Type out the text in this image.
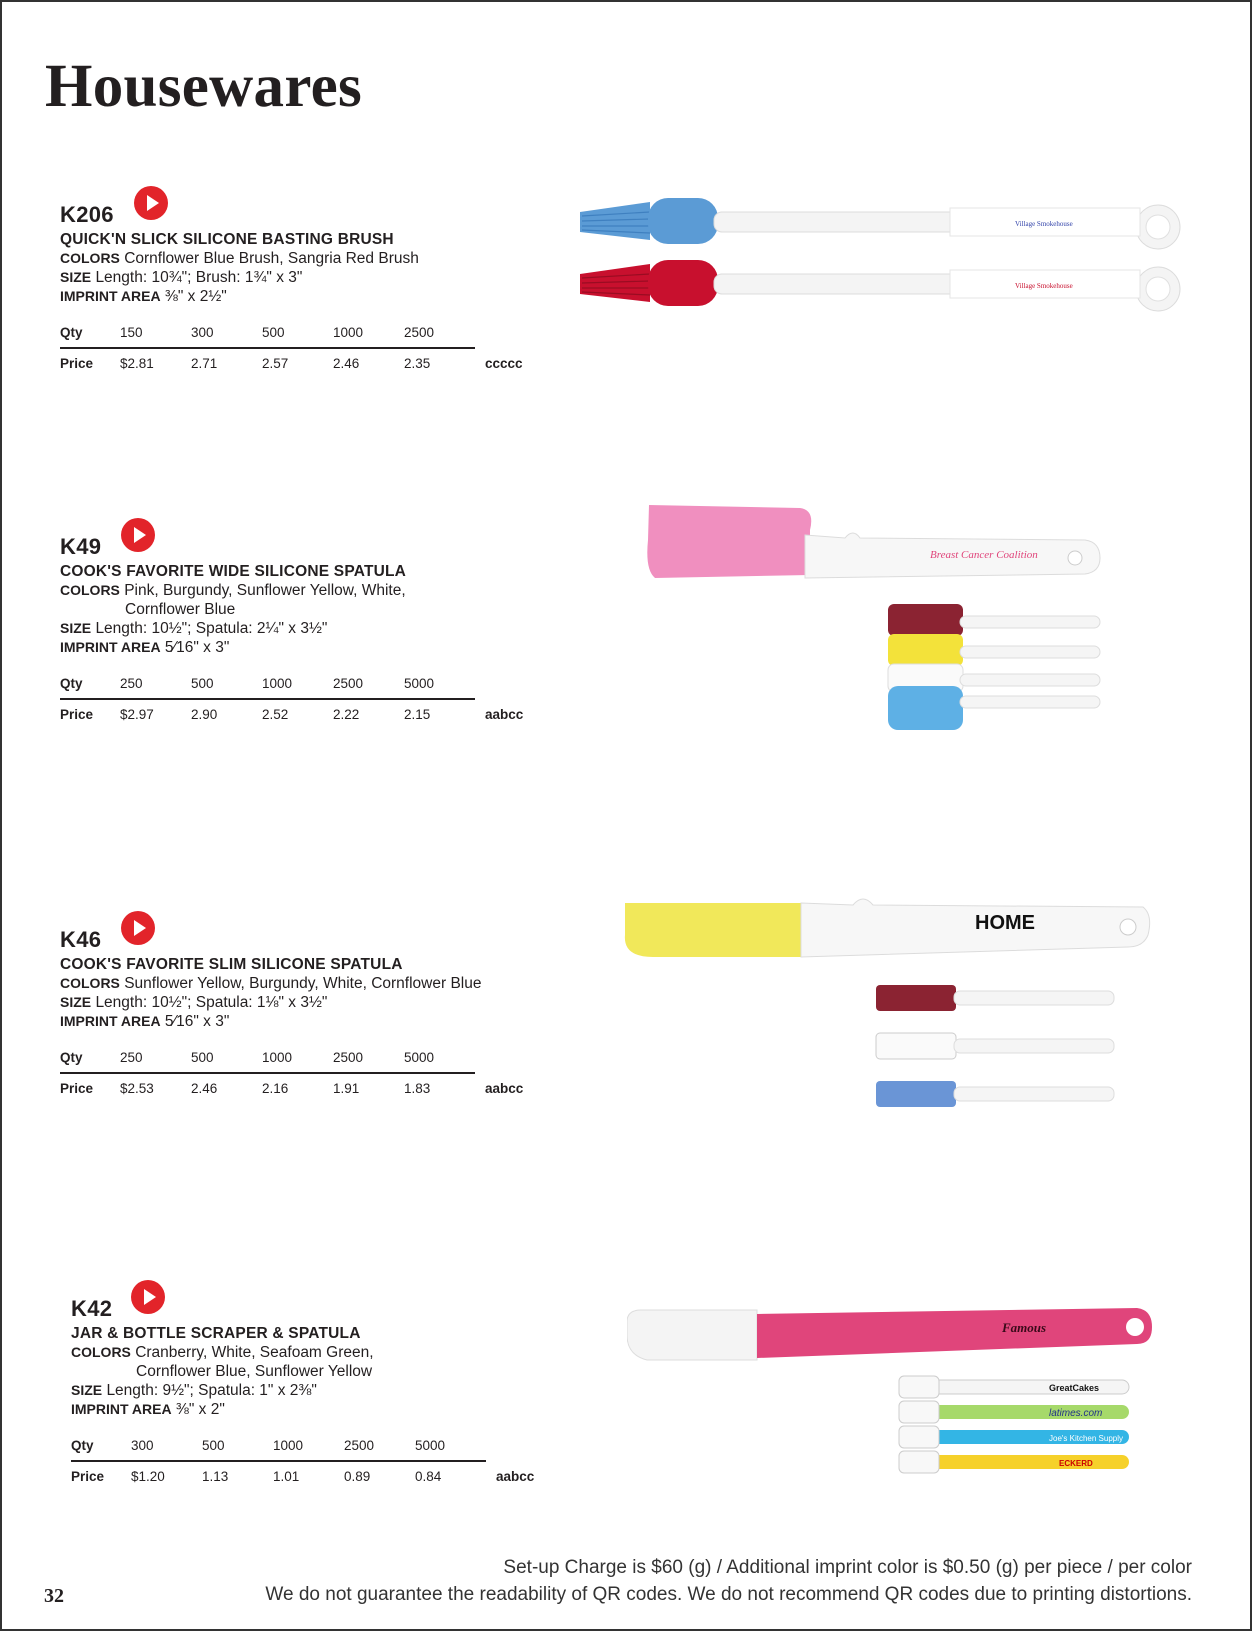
Housewares
K206
QUICK'N SLICK SILICONE BASTING BRUSH
COLORS Cornflower Blue Brush, Sangria Red Brush
SIZE Length: 10¾"; Brush: 1¾" x 3"
IMPRINT AREA ⅜" x 2½"
Qty	150	300	500	1000	2500	
Price	$2.81	2.71	2.57	2.46	2.35	ccccc
K49
COOK'S FAVORITE WIDE SILICONE SPATULA
COLORS Pink, Burgundy, Sunflower Yellow, White,
Cornflower Blue
SIZE Length: 10½"; Spatula: 2¼" x 3½"
IMPRINT AREA 5⁄16" x 3"
Qty	250	500	1000	2500	5000	
Price	$2.97	2.90	2.52	2.22	2.15	aabcc
K46
COOK'S FAVORITE SLIM SILICONE SPATULA
COLORS Sunflower Yellow, Burgundy, White, Cornflower Blue
SIZE Length: 10½"; Spatula: 1⅛" x 3½"
IMPRINT AREA 5⁄16" x 3"
Qty	250	500	1000	2500	5000	
Price	$2.53	2.46	2.16	1.91	1.83	aabcc
K42
JAR & BOTTLE SCRAPER & SPATULA
COLORS Cranberry, White, Seafoam Green,
Cornflower Blue, Sunflower Yellow
SIZE Length: 9½"; Spatula: 1" x 2⅜"
IMPRINT AREA ⅜" x 2"
Qty	300	500	1000	2500	5000	
Price	$1.20	1.13	1.01	0.89	0.84	aabcc
Village Smokehouse
Village Smokehouse
Breast Cancer Coalition
HOME
Famous
GreatCakes
latimes.com
Joe's Kitchen Supply
ECKERD
Set-up Charge is $60 (g) / Additional imprint color is $0.50 (g) per piece / per color
32	We do not guarantee the readability of QR codes. We do not recommend QR codes due to printing distortions.
